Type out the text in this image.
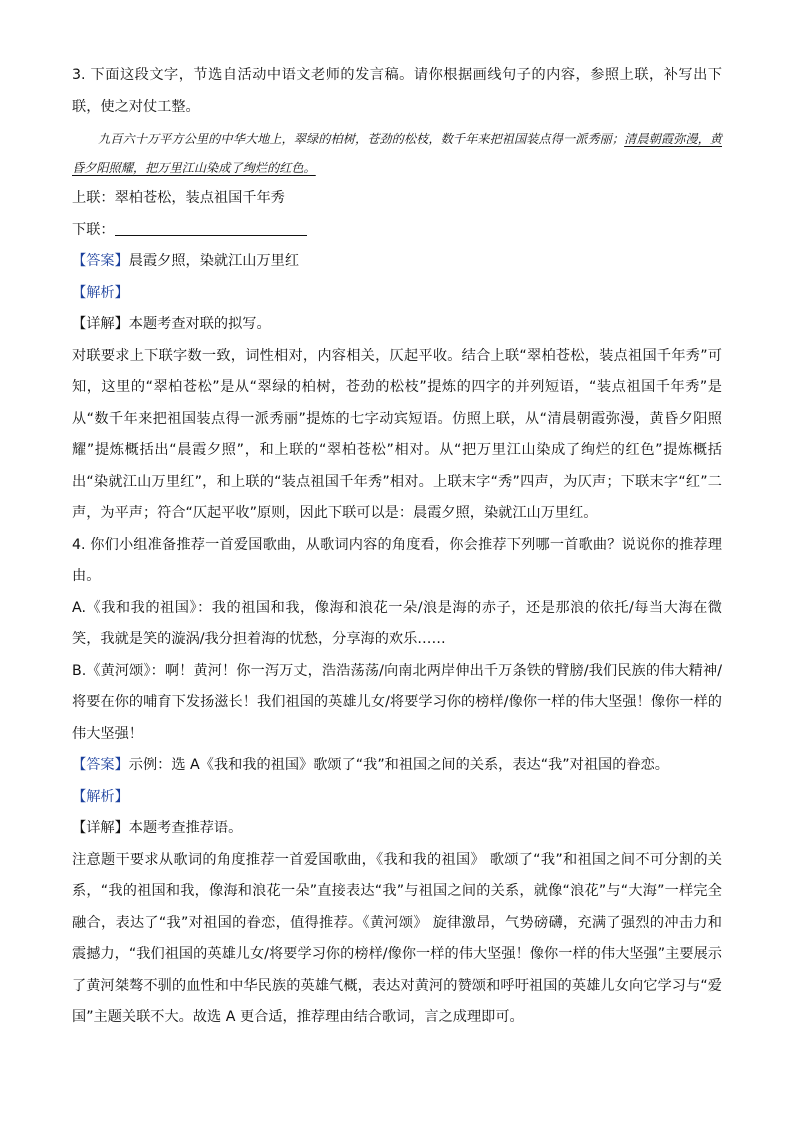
3. 下面这段文字，节选自活动中语文老师的发言稿。请你根据画线句子的内容，参照上联，补写出下联，使之对仗工整。

九百六十万平方公里的中华大地上，翠绿的柏树，苍劲的松枝，数千年来把祖国装点得一派秀丽；清晨朝霞弥漫，黄昏夕阳照耀，把万里江山染成了绚烂的红色。

上联：翠柏苍松，装点祖国千年秀

下联：

【答案】晨霞夕照，染就江山万里红

【解析】

【详解】本题考查对联的拟写。

对联要求上下联字数一致，词性相对，内容相关，仄起平收。结合上联“翠柏苍松，装点祖国千年秀”可知，这里的“翠柏苍松”是从“翠绿的柏树，苍劲的松枝”提炼的四字的并列短语，“装点祖国千年秀”是从“数千年来把祖国装点得一派秀丽”提炼的七字动宾短语。仿照上联，从“清晨朝霞弥漫，黄昏夕阳照耀”提炼概括出“晨霞夕照”，和上联的“翠柏苍松”相对。从“把万里江山染成了绚烂的红色”提炼概括出“染就江山万里红”，和上联的“装点祖国千年秀”相对。上联末字“秀”四声，为仄声；下联末字“红”二声，为平声；符合“仄起平收”原则，因此下联可以是：晨霞夕照，染就江山万里红。

4. 你们小组准备推荐一首爱国歌曲，从歌词内容的角度看，你会推荐下列哪一首歌曲？说说你的推荐理由。

A.《我和我的祖国》：我的祖国和我，像海和浪花一朵/浪是海的赤子，还是那浪的依托/每当大海在微笑，我就是笑的漩涡/我分担着海的忧愁，分享海的欢乐……

B.《黄河颂》：啊！黄河！你一泻万丈，浩浩荡荡/向南北两岸伸出千万条铁的臂膀/我们民族的伟大精神/将要在你的哺育下发扬滋长！我们祖国的英雄儿女/将要学习你的榜样/像你一样的伟大坚强！像你一样的伟大坚强！

【答案】示例：选 A《我和我的祖国》歌颂了“我”和祖国之间的关系，表达“我”对祖国的眷恋。

【解析】

【详解】本题考查推荐语。

注意题干要求从歌词的角度推荐一首爱国歌曲，《我和我的祖国》 歌颂了“我”和祖国之间不可分割的关系，“我的祖国和我，像海和浪花一朵”直接表达“我”与祖国之间的关系，就像“浪花”与“大海”一样完全融合，表达了“我”对祖国的眷恋，值得推荐。《黄河颂》 旋律激昂，气势磅礴，充满了强烈的冲击力和震撼力，“我们祖国的英雄儿女/将要学习你的榜样/像你一样的伟大坚强！像你一样的伟大坚强”主要展示了黄河桀骜不驯的血性和中华民族的英雄气概，表达对黄河的赞颂和呼吁祖国的英雄儿女向它学习与“爱国”主题关联不大。故选 A 更合适，推荐理由结合歌词，言之成理即可。
